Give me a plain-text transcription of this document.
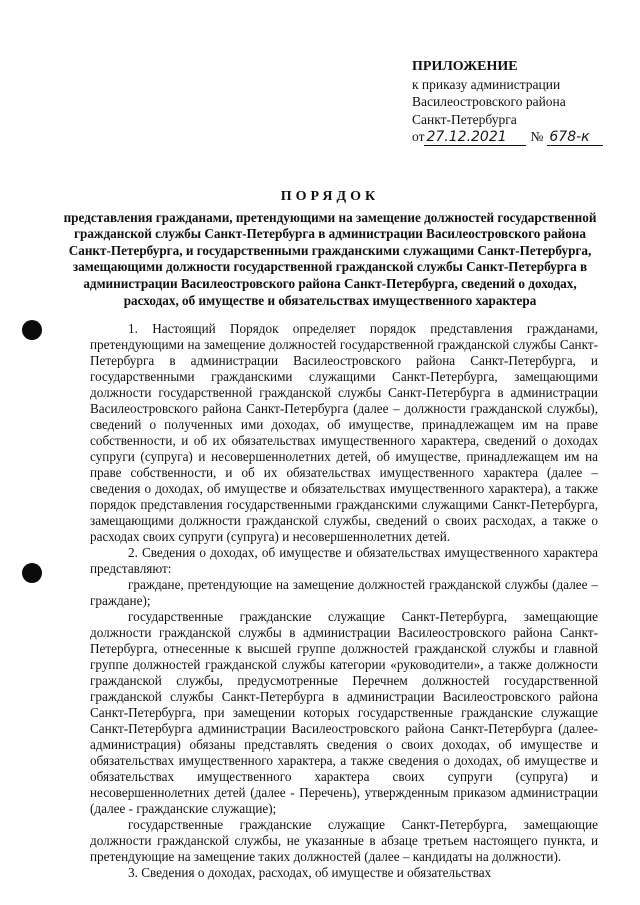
ПРИЛОЖЕНИЕ
к приказу администрации
Василеостровского района
Санкт-Петербурга
от 27.12.2021	№ 678-к
ПОРЯДОК
представления гражданами, претендующими на замещение должностей государственной гражданской службы Санкт-Петербурга в администрации Василеостровского района Санкт-Петербурга, и государственными гражданскими служащими Санкт-Петербурга, замещающими должности государственной гражданской службы Санкт-Петербурга в администрации Василеостровского района Санкт-Петербурга, сведений о доходах, расходах, об имуществе и обязательствах имущественного характера

1. Настоящий Порядок определяет порядок представления гражданами, претендующими на замещение должностей государственной гражданской службы Санкт-Петербурга в администрации Василеостровского района Санкт-Петербурга, и государственными гражданскими служащими Санкт-Петербурга, замещающими должности государственной гражданской службы Санкт-Петербурга в администрации Василеостровского района Санкт-Петербурга (далее – должности гражданской службы), сведений о полученных ими доходах, об имуществе, принадлежащем им на праве собственности, и об их обязательствах имущественного характера, сведений о доходах супруги (супруга) и несовершеннолетних детей, об имуществе, принадлежащем им на праве собственности, и об их обязательствах имущественного характера (далее – сведения о доходах, об имуществе и обязательствах имущественного характера), а также порядок представления государственными гражданскими служащими Санкт-Петербурга, замещающими должности гражданской службы, сведений о своих расходах, а также о расходах своих супруги (супруга) и несовершеннолетних детей.

2. Сведения о доходах, об имуществе и обязательствах имущественного характера представляют:

граждане, претендующие на замещение должностей гражданской службы (далее – граждане);

государственные гражданские служащие Санкт-Петербурга, замещающие должности гражданской службы в администрации Василеостровского района Санкт-Петербурга, отнесенные к высшей группе должностей гражданской службы и главной группе должностей гражданской службы категории «руководители», а также должности гражданской службы, предусмотренные Перечнем должностей государственной гражданской службы Санкт-Петербурга в администрации Василеостровского района Санкт-Петербурга, при замещении которых государственные гражданские служащие Санкт-Петербурга администрации Василеостровского района Санкт-Петербурга (далее- администрация) обязаны представлять сведения о своих доходах, об имуществе и обязательствах имущественного характера, а также сведения о доходах, об имуществе и обязательствах имущественного характера своих супруги (супруга) и несовершеннолетних детей (далее - Перечень), утвержденным приказом администрации (далее - гражданские служащие);

государственные гражданские служащие Санкт-Петербурга, замещающие должности гражданской службы, не указанные в абзаце третьем настоящего пункта, и претендующие на замещение таких должностей (далее – кандидаты на должности).

3. Сведения о доходах, расходах, об имуществе и обязательствах
